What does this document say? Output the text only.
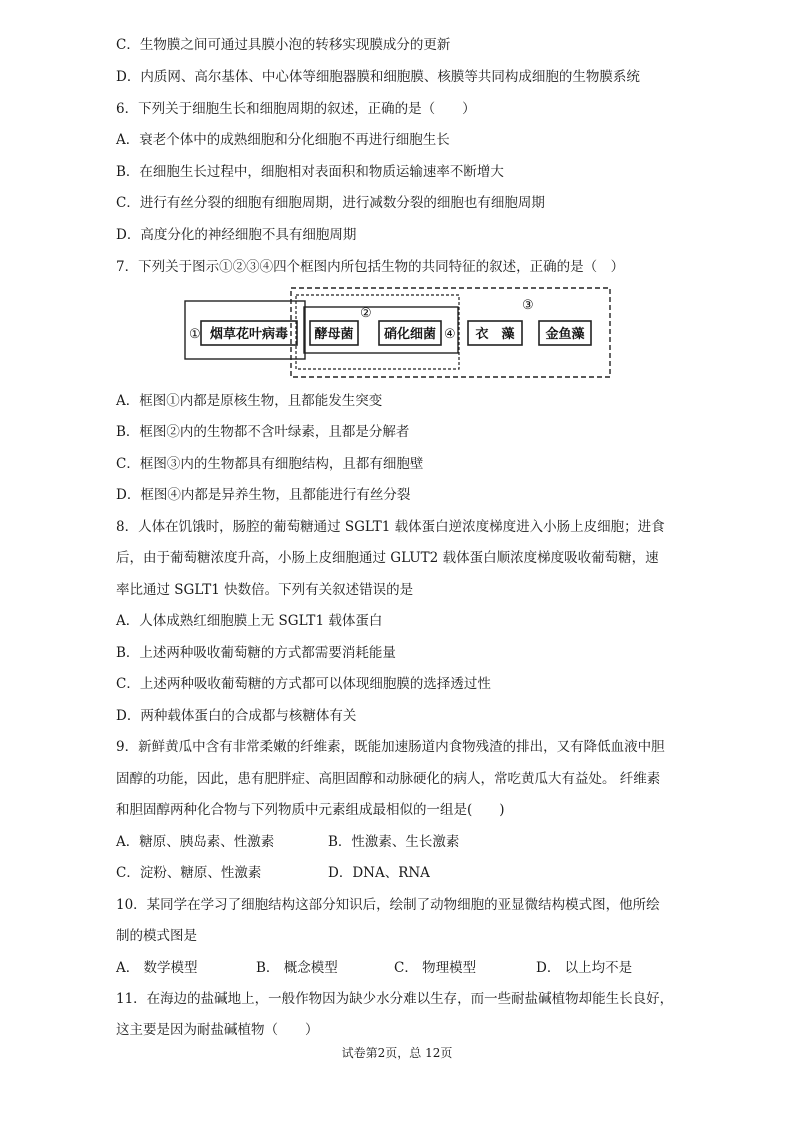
C．生物膜之间可通过具膜小泡的转移实现膜成分的更新
D．内质网、高尔基体、中心体等细胞器膜和细胞膜、核膜等共同构成细胞的生物膜系统
6．下列关于细胞生长和细胞周期的叙述，正确的是（　　）
A．衰老个体中的成熟细胞和分化细胞不再进行细胞生长
B．在细胞生长过程中，细胞相对表面积和物质运输速率不断增大
C．进行有丝分裂的细胞有细胞周期，进行减数分裂的细胞也有细胞周期
D．高度分化的神经细胞不具有细胞周期
7．下列关于图示①②③④四个框图内所包括生物的共同特征的叙述，正确的是（　）
①
②
③
④
烟草花叶病毒 酵母菌 硝化细菌	衣　藻 金鱼藻
A．框图①内都是原核生物，且都能发生突变
B．框图②内的生物都不含叶绿素，且都是分解者
C．框图③内的生物都具有细胞结构，且都有细胞壁
D．框图④内都是异养生物，且都能进行有丝分裂
8．人体在饥饿时，肠腔的葡萄糖通过 SGLT1 载体蛋白逆浓度梯度进入小肠上皮细胞；进食
后，由于葡萄糖浓度升高，小肠上皮细胞通过 GLUT2 载体蛋白顺浓度梯度吸收葡萄糖，速
率比通过 SGLT1 快数倍。下列有关叙述错误的是
A．人体成熟红细胞膜上无 SGLT1 载体蛋白
B．上述两种吸收葡萄糖的方式都需要消耗能量
C．上述两种吸收葡萄糖的方式都可以体现细胞膜的选择透过性
D．两种载体蛋白的合成都与核糖体有关
9．新鲜黄瓜中含有非常柔嫩的纤维素，既能加速肠道内食物残渣的排出，又有降低血液中胆
固醇的功能，因此，患有肥胖症、高胆固醇和动脉硬化的病人，常吃黄瓜大有益处。 纤维素
和胆固醇两种化合物与下列物质中元素组成最相似的一组是(　　)
A．糖原、胰岛素、性激素	B．性激素、生长激素
C．淀粉、糖原、性激素	D．DNA、RNA
10．某同学在学习了细胞结构这部分知识后，绘制了动物细胞的亚显微结构模式图，他所绘
制的模式图是
A． 数学模型	B． 概念模型	C． 物理模型	D． 以上均不是
11．在海边的盐碱地上，一般作物因为缺少水分难以生存，而一些耐盐碱植物却能生长良好，
这主要是因为耐盐碱植物（　　）
试卷第2页，总 12页
